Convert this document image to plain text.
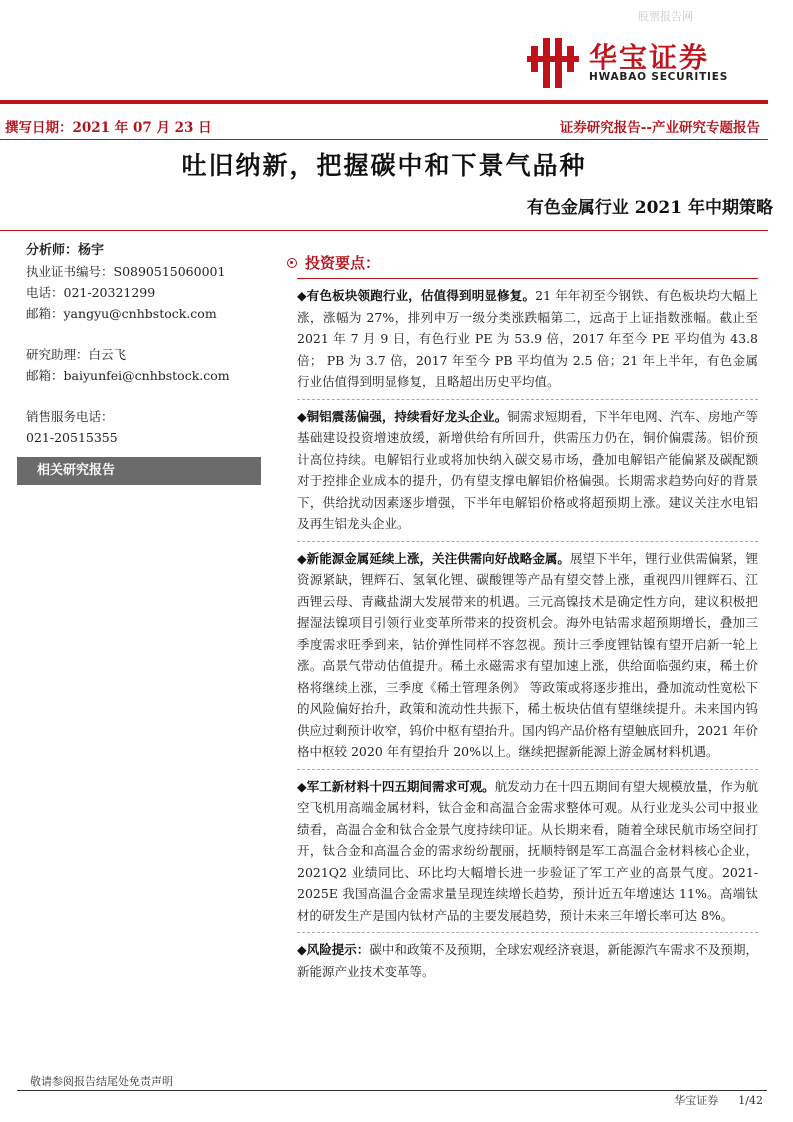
股票报告网
华宝证券
HWABAO SECURITIES
撰写日期：2021 年 07 月 23 日	证券研究报告--产业研究专题报告
吐旧纳新，把握碳中和下景气品种
有色金属行业 2021 年中期策略
分析师：杨宇
执业证书编号：S0890515060001
电话：021-20321299
邮箱：yangyu@cnhbstock.com
研究助理：白云飞
邮箱：baiyunfei@cnhbstock.com
销售服务电话：
021-20515355
相关研究报告
投资要点：
◆有色板块领跑行业，估值得到明显修复。21 年年初至今钢铁、有色板块均大幅上涨，涨幅为 27%，排列申万一级分类涨跌幅第二，远高于上证指数涨幅。截止至 2021 年 7 月 9 日，有色行业 PE 为 53.9 倍，2017 年至今 PE 平均值为 43.8 倍； PB 为 3.7 倍，2017 年至今 PB 平均值为 2.5 倍；21 年上半年，有色金属行业估值得到明显修复，且略超出历史平均值。
◆铜铝震荡偏强，持续看好龙头企业。铜需求短期看，下半年电网、汽车、房地产等基础建设投资增速放缓，新增供给有所回升，供需压力仍在，铜价偏震荡。铝价预计高位持续。电解铝行业或将加快纳入碳交易市场，叠加电解铝产能偏紧及碳配额对于控排企业成本的提升，仍有望支撑电解铝价格偏强。长期需求趋势向好的背景下，供给扰动因素逐步增强，下半年电解铝价格或将超预期上涨。建议关注水电铝及再生铝龙头企业。
◆新能源金属延续上涨，关注供需向好战略金属。展望下半年，锂行业供需偏紧，锂资源紧缺，锂辉石、氢氧化锂、碳酸锂等产品有望交替上涨，重视四川锂辉石、江西锂云母、青藏盐湖大发展带来的机遇。三元高镍技术是确定性方向，建议积极把握湿法镍项目引领行业变革所带来的投资机会。海外电钴需求超预期增长，叠加三季度需求旺季到来，钴价弹性同样不容忽视。预计三季度锂钴镍有望开启新一轮上涨。高景气带动估值提升。稀土永磁需求有望加速上涨，供给面临强约束，稀土价格将继续上涨，三季度《稀土管理条例》 等政策或将逐步推出，叠加流动性宽松下的风险偏好抬升，政策和流动性共振下，稀土板块估值有望继续提升。未来国内钨供应过剩预计收窄，钨价中枢有望抬升。国内钨产品价格有望触底回升，2021 年价格中枢较 2020 年有望抬升 20%以上。继续把握新能源上游金属材料机遇。
◆军工新材料十四五期间需求可观。航发动力在十四五期间有望大规模放量，作为航空飞机用高端金属材料，钛合金和高温合金需求整体可观。从行业龙头公司中报业绩看，高温合金和钛合金景气度持续印证。从长期来看，随着全球民航市场空间打开，钛合金和高温合金的需求纷纷靓丽，抚顺特钢是军工高温合金材料核心企业，2021Q2 业绩同比、环比均大幅增长进一步验证了军工产业的高景气度。2021-2025E 我国高温合金需求量呈现连续增长趋势，预计近五年增速达 11%。高端钛材的研发生产是国内钛材产品的主要发展趋势，预计未来三年增长率可达 8%。
◆风险提示：碳中和政策不及预期，全球宏观经济衰退，新能源汽车需求不及预期，新能源产业技术变革等。
敬请参阅报告结尾处免责声明
华宝证券 1/42
